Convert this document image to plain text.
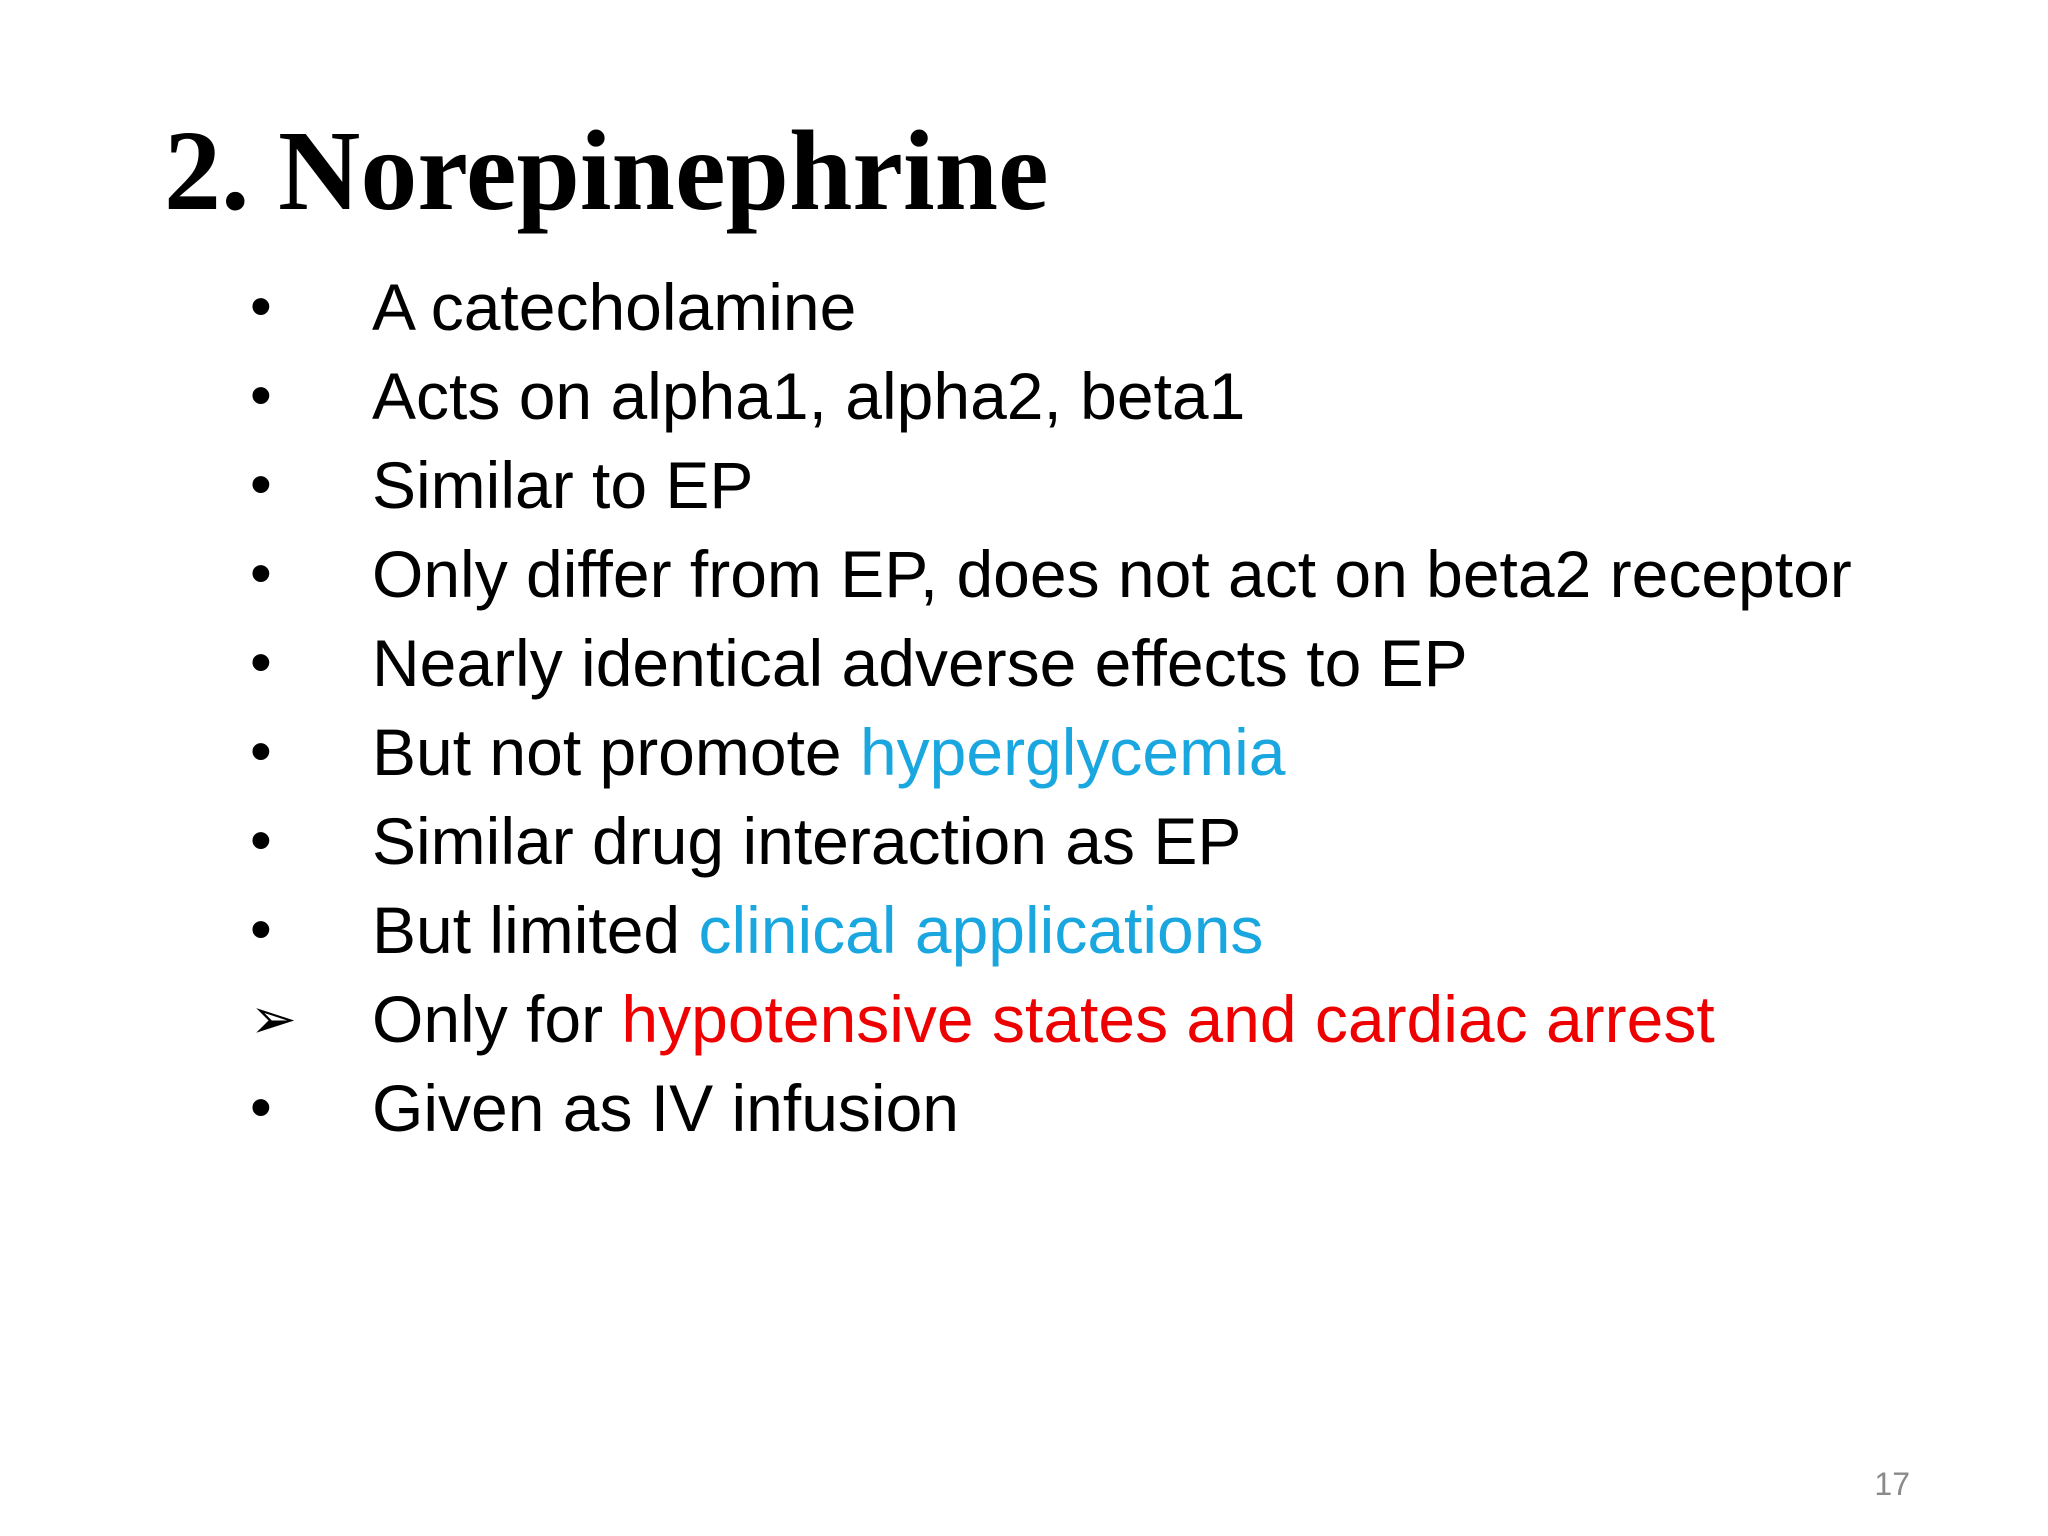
2. Norepinephrine
•	A catecholamine
•	Acts on alpha1, alpha2, beta1
•	Similar to EP
•	Only differ from EP, does not act on beta2 receptor
•	Nearly identical adverse effects to EP
•	But not promote hyperglycemia
•	Similar drug interaction as EP
•	But limited clinical applications
➢	Only for hypotensive states and cardiac arrest
•	Given as IV infusion
17
